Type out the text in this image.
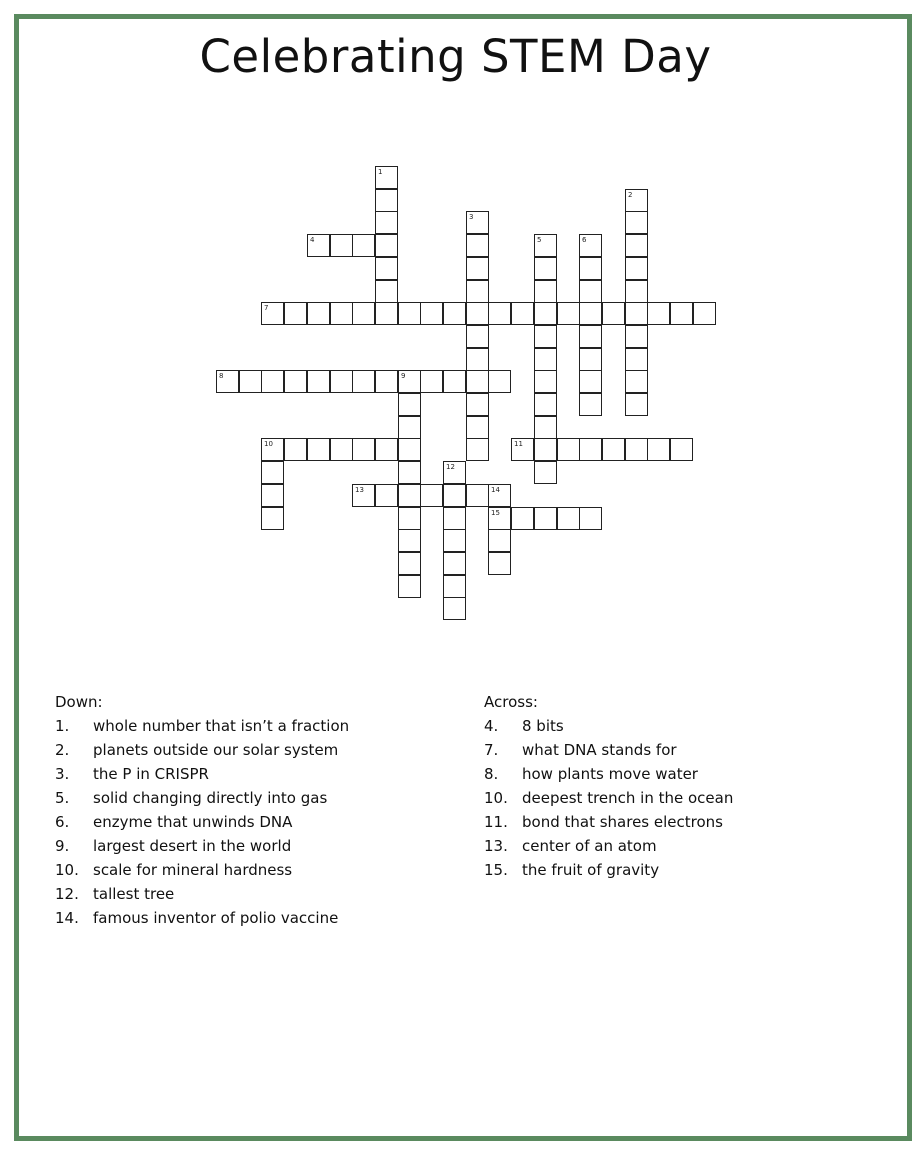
Celebrating STEM Day
1
2
3
4	5	6
7
8	9
10	11
12
13	14
15
Down:
1.	whole number that isn’t a fraction
2.	planets outside our solar system
3.	the P in CRISPR
5.	solid changing directly into gas
6.	enzyme that unwinds DNA
9.	largest desert in the world
10. scale for mineral hardness
12. tallest tree
14. famous inventor of polio vaccine
Across:
4.	8 bits
7.	what DNA stands for
8.	how plants move water
10. deepest trench in the ocean
11. bond that shares electrons
13. center of an atom
15. the fruit of gravity
